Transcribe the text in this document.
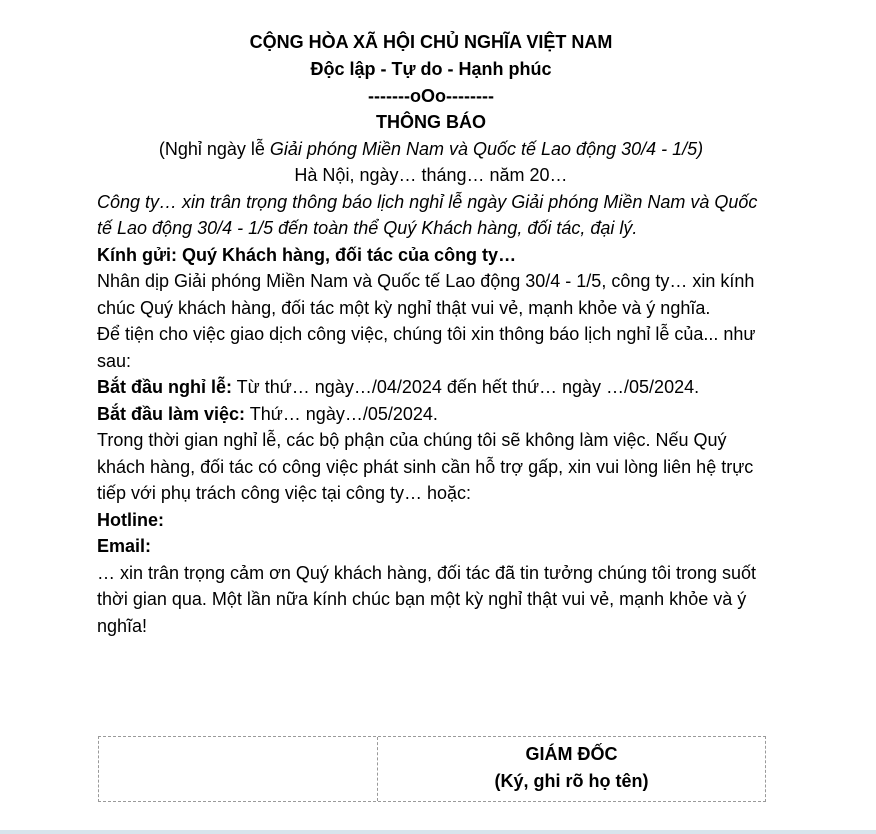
CỘNG HÒA XÃ HỘI CHỦ NGHĨA VIỆT NAM

Độc lập - Tự do - Hạnh phúc

-------oOo--------

THÔNG BÁO

(Nghỉ ngày lễ Giải phóng Miền Nam và Quốc tế Lao động 30/4 - 1/5)

Hà Nội, ngày… tháng… năm 20…

Công ty… xin trân trọng thông báo lịch nghỉ lễ ngày Giải phóng Miền Nam và Quốc tế Lao động 30/4 - 1/5 đến toàn thể Quý Khách hàng, đối tác, đại lý.

Kính gửi: Quý Khách hàng, đối tác của công ty…

Nhân dịp Giải phóng Miền Nam và Quốc tế Lao động 30/4 - 1/5, công ty… xin kính chúc Quý khách hàng, đối tác một kỳ nghỉ thật vui vẻ, mạnh khỏe và ý nghĩa.

Để tiện cho việc giao dịch công việc, chúng tôi xin thông báo lịch nghỉ lễ của... như sau:

Bắt đầu nghỉ lễ: Từ thứ… ngày…/04/2024 đến hết thứ… ngày …/05/2024.

Bắt đầu làm việc: Thứ… ngày…/05/2024.

Trong thời gian nghỉ lễ, các bộ phận của chúng tôi sẽ không làm việc. Nếu Quý khách hàng, đối tác có công việc phát sinh cần hỗ trợ gấp, xin vui lòng liên hệ trực tiếp với phụ trách công việc tại công ty… hoặc:

Hotline:

Email:

… xin trân trọng cảm ơn Quý khách hàng, đối tác đã tin tưởng chúng tôi trong suốt thời gian qua. Một lần nữa kính chúc bạn một kỳ nghỉ thật vui vẻ, mạnh khỏe và ý nghĩa!

GIÁM ĐỐC
(Ký, ghi rõ họ tên)
